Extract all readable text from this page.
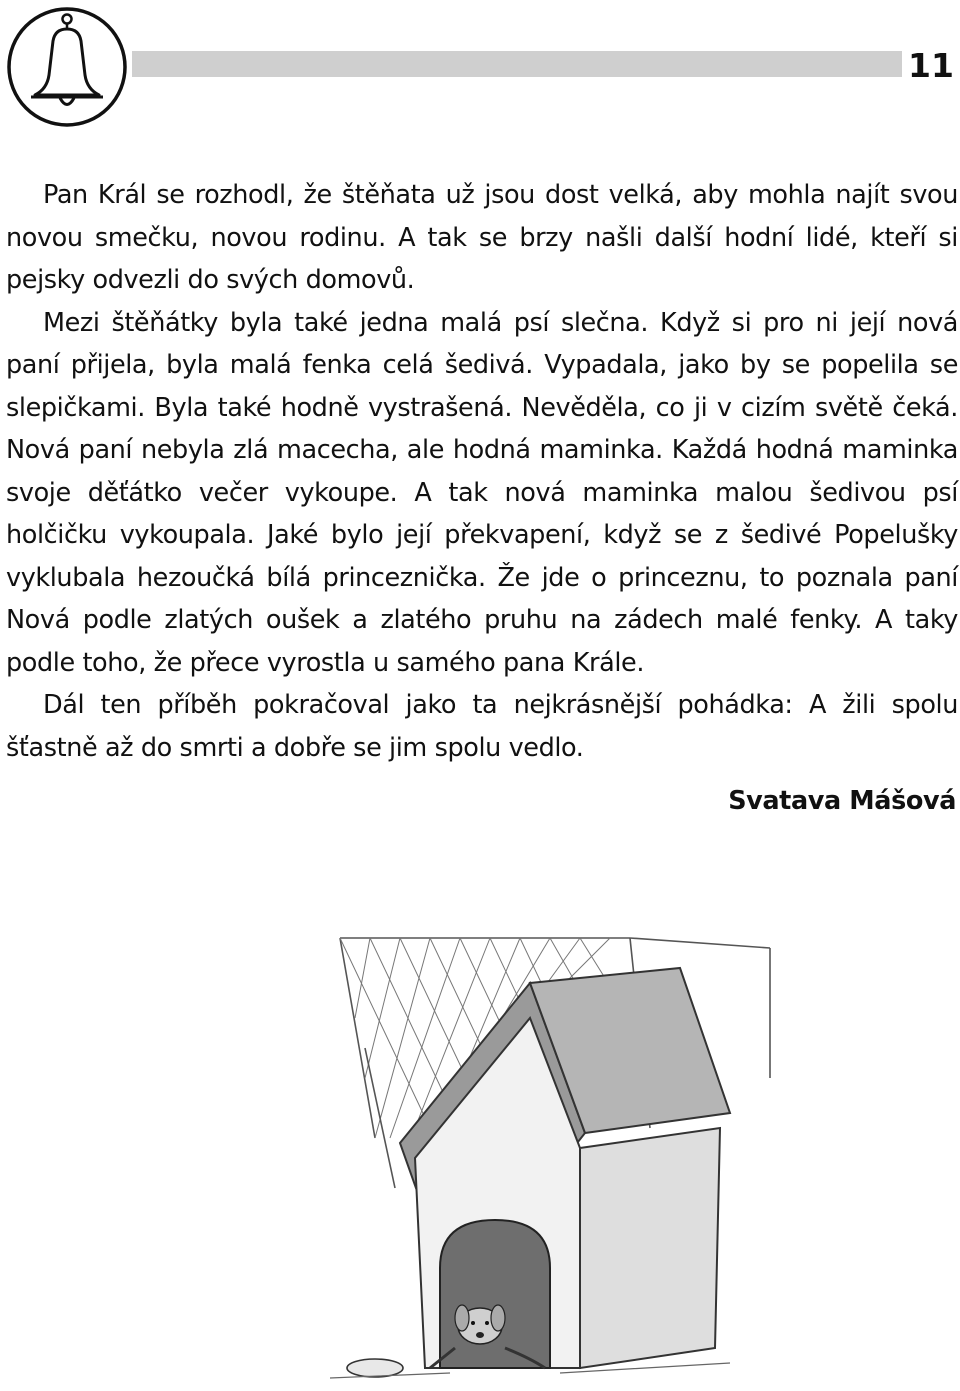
11

Pan Král se rozhodl, že štěňata už jsou dost velká, aby mohla najít svou novou smečku, novou rodinu. A tak se brzy našli další hodní lidé, kteří si pejsky odvezli do svých domovů.

Mezi štěňátky byla také jedna malá psí slečna. Když si pro ni její nová paní přijela, byla malá fenka celá šedivá. Vypadala, jako by se popelila se slepičkami. Byla také hodně vystrašená. Nevěděla, co ji v cizím světě čeká. Nová paní nebyla zlá macecha, ale hodná maminka. Každá hodná maminka svoje děťátko večer vykoupe. A tak nová maminka malou šedivou psí holčičku vykoupala. Jaké bylo její překvapení, když se z šedivé Popelušky vyklubala hezoučká bílá princeznička. Že jde o princeznu, to poznala paní Nová podle zlatých oušek a zlatého pruhu na zádech malé fenky. A taky podle toho, že přece vyrostla u samého pana Krále.

Dál ten příběh pokračoval jako ta nejkrásnější pohádka: A žili spolu šťastně až do smrti a dobře se jim spolu vedlo.

Svatava Mášová
